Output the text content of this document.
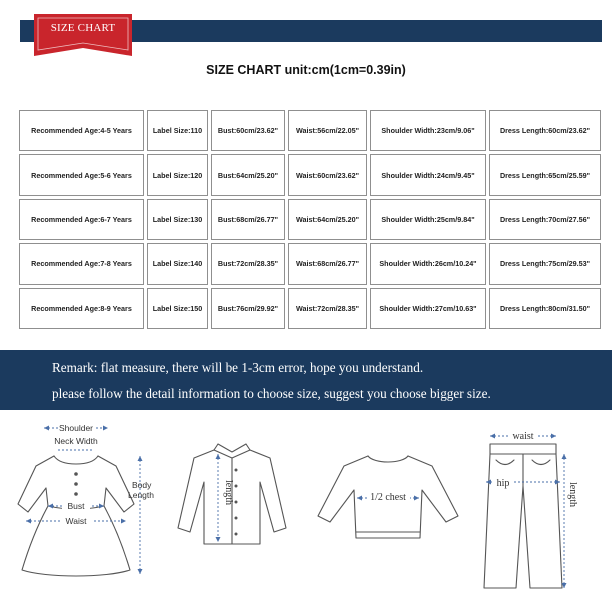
SIZE CHART
SIZE CHART unit:cm(1cm=0.39in)
Recommended Age:4-5 Years	Label Size:110	Bust:60cm/23.62"	Waist:56cm/22.05"	Shoulder Width:23cm/9.06"	Dress Length:60cm/23.62"
Recommended Age:5-6 Years	Label Size:120	Bust:64cm/25.20"	Waist:60cm/23.62"	Shoulder Width:24cm/9.45"	Dress Length:65cm/25.59"
Recommended Age:6-7 Years	Label Size:130	Bust:68cm/26.77"	Waist:64cm/25.20"	Shoulder Width:25cm/9.84"	Dress Length:70cm/27.56"
Recommended Age:7-8 Years	Label Size:140	Bust:72cm/28.35"	Waist:68cm/26.77"	Shoulder Width:26cm/10.24"	Dress Length:75cm/29.53"
Recommended Age:8-9 Years	Label Size:150	Bust:76cm/29.92"	Waist:72cm/28.35"	Shoulder Width:27cm/10.63"	Dress Length:80cm/31.50"
Remark: flat measure, there will be 1-3cm error, hope you understand.
please follow the detail information to choose size, suggest you choose bigger size.
Shoulder
Neck Width
Bust
Waist
Body
Length	length	1/2 chest
waist
hip	length
